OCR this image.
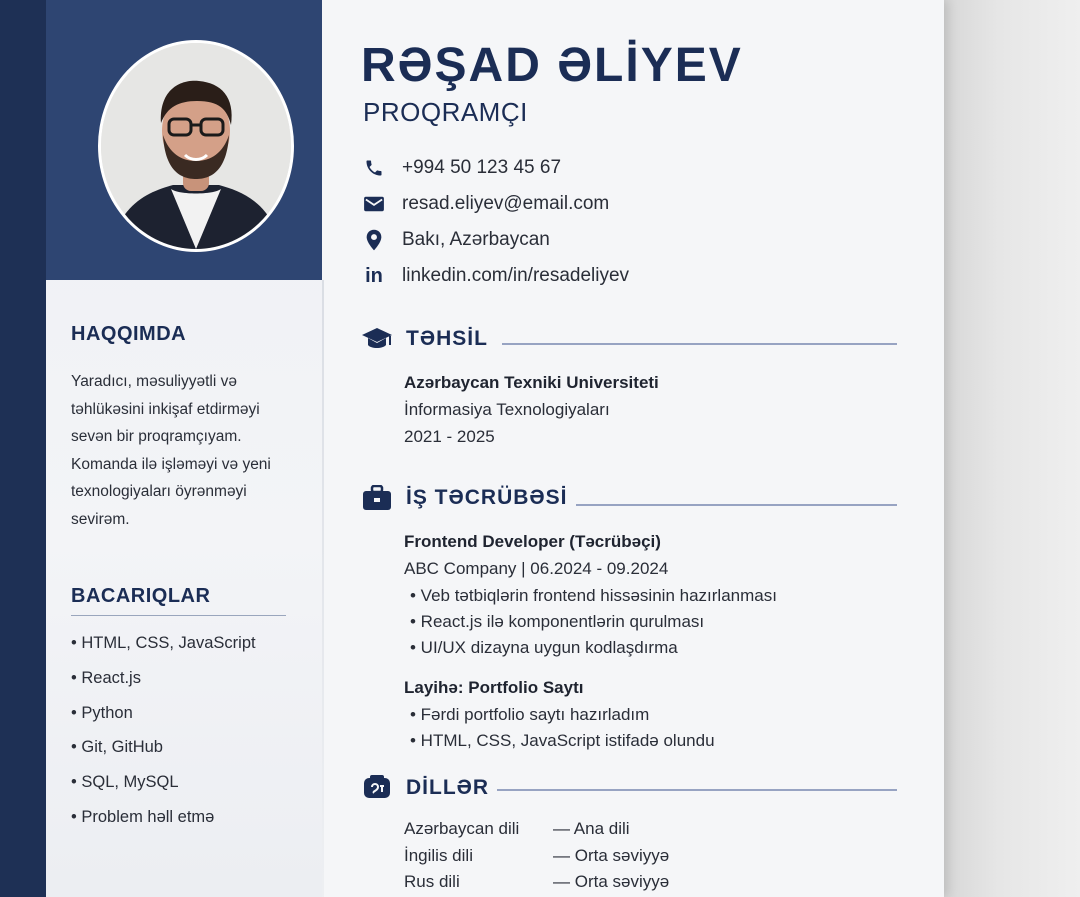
RƏŞAD ƏLİYEV
PROQRAMÇI
+994 50 123 45 67
resad.eliyev@email.com
Bakı, Azərbaycan
in linkedin.com/in/resadeliyev
HAQQIMDA

Yaradıcı, məsuliyyətli və təhlükəsini inkişaf etdirməyi sevən bir proqramçıyam. Komanda ilə işləməyi və yeni texnologiyaları öyrənməyi sevirəm.

BACARIQLAR
• HTML, CSS, JavaScript
• React.js
• Python
• Git, GitHub
• SQL, MySQL
• Problem həll etmə
TƏHSİL
Azərbaycan Texniki Universiteti
İnformasiya Texnologiyaları
2021 - 2025
İŞ TƏCRÜBƏSİ
Frontend Developer (Təcrübəçi)
ABC Company | 06.2024 - 09.2024
• Veb tətbiqlərin frontend hissəsinin hazırlanması
• React.js ilə komponentlərin qurulması
• UI/UX dizayna uygun kodlaşdırma
Layihə: Portfolio Saytı
• Fərdi portfolio saytı hazırladım
• HTML, CSS, JavaScript istifadə olundu
DİLLƏR
Azərbaycan dili — Ana dili
İngilis dili	— Orta səviyyə
Rus dili	— Orta səviyyə
